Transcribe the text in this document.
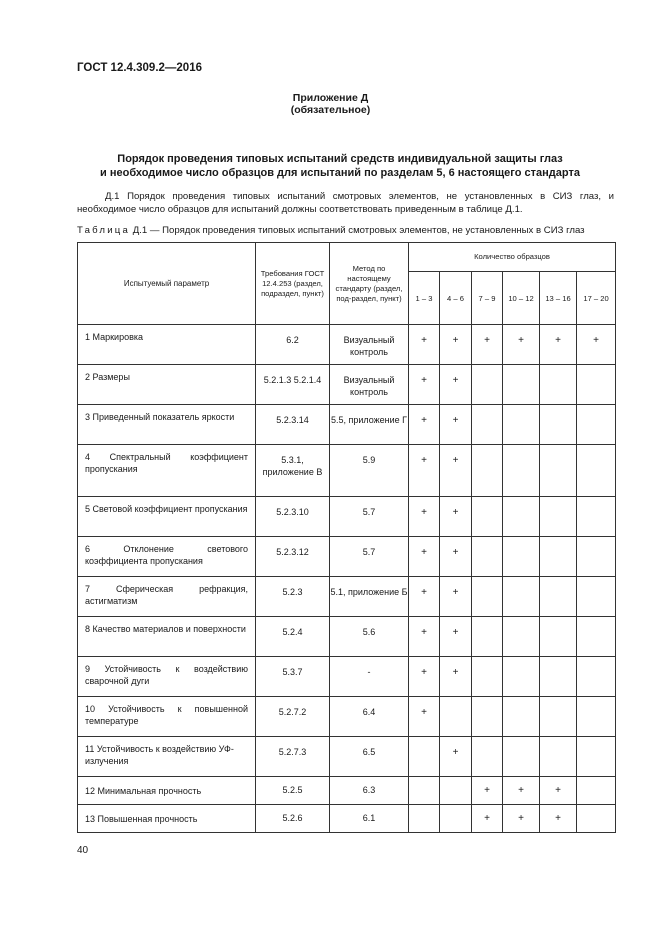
ГОСТ 12.4.309.2—2016
Приложение Д
(обязательное)
Порядок проведения типовых испытаний средств индивидуальной защиты глаз
и необходимое число образцов для испытаний по разделам 5, 6 настоящего стандарта
Д.1 Порядок проведения типовых испытаний смотровых элементов, не установленных в СИЗ глаз, и необходимое число образцов для испытаний должны соответствовать приведенным в таблице Д.1.
Таблица Д.1 — Порядок проведения типовых испытаний смотровых элементов, не установленных в СИЗ глаз
Испытуемый параметр	Требования ГОСТ 12.4.253 (раздел, подраздел, пункт)	Метод по настоящему стандарту (раздел, под-раздел, пункт)	Количество образцов					
			1 – 3	4 – 6	7 – 9	10 – 12	13 – 16	17 – 20
1 Маркировка	6.2	Визуальный контроль	+	+	+	+	+	+
2 Размеры	5.2.1.3 5.2.1.4	Визуальный контроль	+	+				
3 Приведенный показатель яркости	5.2.3.14	5.5, приложение Г	+	+				
4 Спектральный коэффициент пропускания	5.3.1, приложение В	5.9	+	+				
5 Световой коэффициент пропускания	5.2.3.10	5.7	+	+				
6 Отклонение светового коэффициента пропускания	5.2.3.12	5.7	+	+				
7 Сферическая рефракция, астигматизм	5.2.3	5.1, приложение Б	+	+				
8 Качество материалов и поверхности	5.2.4	5.6	+	+				
9 Устойчивость к воздействию сварочной дуги	5.3.7	-	+	+				
10 Устойчивость к повышенной температуре	5.2.7.2	6.4	+					
11 Устойчивость к воздействию УФ-излучения	5.2.7.3	6.5		+				
12 Минимальная прочность	5.2.5	6.3			+	+	+	
13 Повышенная прочность	5.2.6	6.1			+	+	+	
40
